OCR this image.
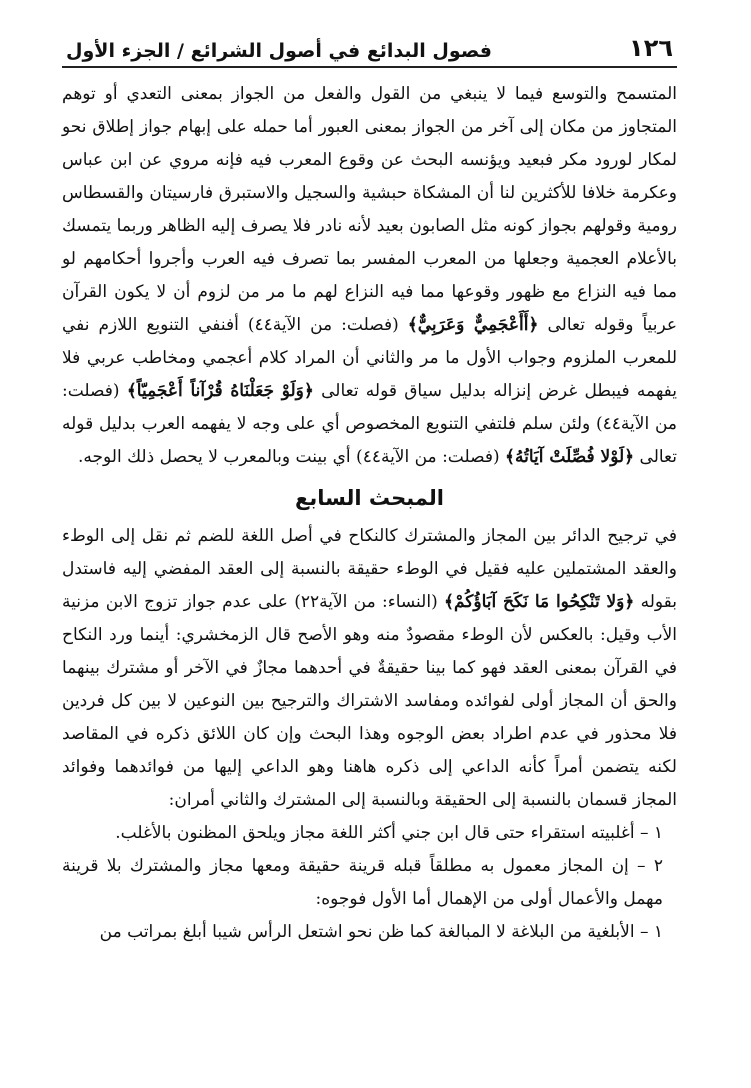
١٢٦
فصول البدائع في أصول الشرائع / الجزء الأول

المتسمح والتوسع فيما لا ينبغي من القول والفعل من الجواز بمعنى التعدي أو توهم المتجاوز من مكان إلى آخر من الجواز بمعنى العبور أما حمله على إبهام جواز إطلاق نحو لمكار لورود مكر فبعيد ويؤنسه البحث عن وقوع المعرب فيه فإنه مروي عن ابن عباس وعكرمة خلافا للأكثرين لنا أن المشكاة حبشية والسجيل والاستبرق فارسيتان والقسطاس رومية وقولهم بجواز كونه مثل الصابون بعيد لأنه نادر فلا يصرف إليه الظاهر وربما يتمسك بالأعلام العجمية وجعلها من المعرب المفسر بما تصرف فيه العرب وأجروا أحكامهم لو مما فيه النزاع مع ظهور وقوعها مما فيه النزاع لهم ما مر من لزوم أن لا يكون القرآن عربياً وقوله تعالى ﴿أَأَعْجَمِيٌّ وَعَرَبِيٌّ﴾ (فصلت: من الآية٤٤) أفنفي التنويع اللازم نفي للمعرب الملزوم وجواب الأول ما مر والثاني أن المراد كلام أعجمي ومخاطب عربي فلا يفهمه فيبطل غرض إنزاله بدليل سياق قوله تعالى ﴿وَلَوْ جَعَلْنَاهُ قُرْآناً أَعْجَمِيّاً﴾ (فصلت: من الآية٤٤) ولئن سلم فلتفي التنويع المخصوص أي على وجه لا يفهمه العرب بدليل قوله تعالى ﴿لَوْلا فُصِّلَتْ آيَاتُهُ﴾ (فصلت: من الآية٤٤) أي بينت وبالمعرب لا يحصل ذلك الوجه.

المبحث السابع

في ترجيح الدائر بين المجاز والمشترك كالنكاح في أصل اللغة للضم ثم نقل إلى الوطء والعقد المشتملين عليه فقيل في الوطء حقيقة بالنسبة إلى العقد المفضي إليه فاستدل بقوله ﴿وَلا تَنْكِحُوا مَا نَكَحَ آبَاؤُكُمْ﴾ (النساء: من الآية٢٢) على عدم جواز تزوج الابن مزنية الأب وقيل: بالعكس لأن الوطء مقصودٌ منه وهو الأصح قال الزمخشري: أينما ورد النكاح في القرآن بمعنى العقد فهو كما بينا حقيقةٌ في أحدهما مجازٌ في الآخر أو مشترك بينهما والحق أن المجاز أولى لفوائده ومفاسد الاشتراك والترجيح بين النوعين لا بين كل فردين فلا محذور في عدم اطراد بعض الوجوه وهذا البحث وإن كان اللائق ذكره في المقاصد لكنه يتضمن أمراً كأنه الداعي إلى ذكره هاهنا وهو الداعي إليها من فوائدهما وفوائد المجاز قسمان بالنسبة إلى الحقيقة وبالنسبة إلى المشترك والثاني أمران:

١ – أغلبيته استقراء حتى قال ابن جني أكثر اللغة مجاز ويلحق المظنون بالأغلب.

٢ – إن المجاز معمول به مطلقاً قبله قرينة حقيقة ومعها مجاز والمشترك بلا قرينة مهمل والأعمال أولى من الإهمال أما الأول فوجوه:

١ – الأبلغية من البلاغة لا المبالغة كما ظن نحو اشتعل الرأس شيبا أبلغ بمراتب من
